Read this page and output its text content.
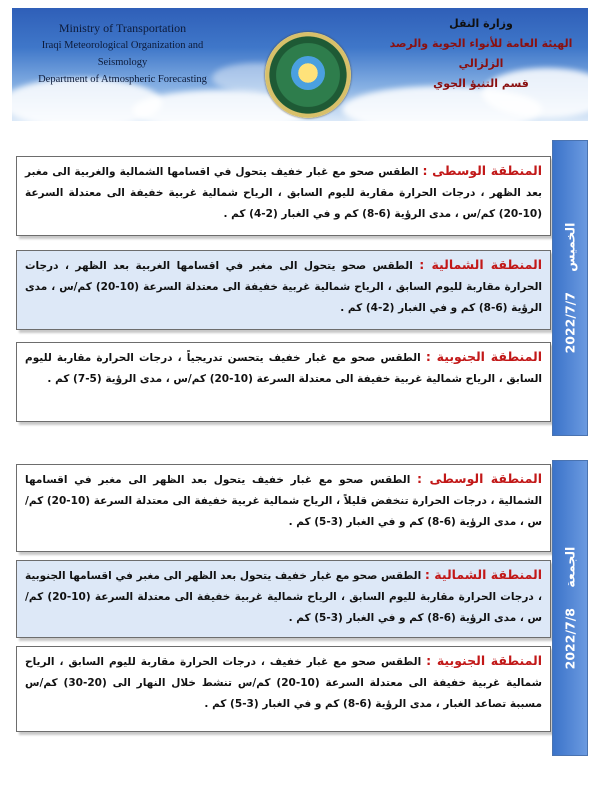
Ministry of Transportation
Iraqi Meteorological Organization and Seismology
Department of Atmospheric Forecasting
وزارة النقل
الهيئة العامة للأنواء الجوية والرصد الزلزالي
قسم التنبؤ الجوي
المنطقة الوسطى : الطقس صحو مع غبار خفيف يتحول في اقسامها الشمالية والغربية الى مغبر بعد الظهر ، درجات الحرارة مقاربة لليوم السابق ، الرياح شمالية غربية خفيفة الى معتدلة السرعة (10-20) كم/س ، مدى الرؤية (6-8) كم و في الغبار (2-4) كم .
المنطقة الشمالية : الطقس صحو يتحول الى مغبر في اقسامها الغربية بعد الظهر ، درجات الحرارة مقاربة لليوم السابق ، الرياح شمالية غربية خفيفة الى معتدلة السرعة (10-20) كم/س ، مدى الرؤية (6-8) كم و في الغبار (2-4) كم .
المنطقة الجنوبية : الطقس صحو مع غبار خفيف يتحسن تدريجياً ، درجات الحرارة مقاربة لليوم السابق ، الرياح شمالية غربية خفيفة الى معتدلة السرعة (10-20) كم/س ، مدى الرؤية (5-7) كم .
2022/7/7 الخميس
المنطقة الوسطى : الطقس صحو مع غبار خفيف يتحول بعد الظهر الى مغبر في اقسامها الشمالية ، درجات الحرارة تنخفض قليلاً ، الرياح شمالية غربية خفيفة الى معتدلة السرعة (10-20) كم/س ، مدى الرؤية (6-8) كم و في الغبار (3-5) كم .
المنطقة الشمالية : الطقس صحو مع غبار خفيف يتحول بعد الظهر الى مغبر في اقسامها الجنوبية ، درجات الحرارة مقاربة لليوم السابق ، الرياح شمالية غربية خفيفة الى معتدلة السرعة (10-20) كم/س ، مدى الرؤية (6-8) كم و في الغبار (3-5) كم .
المنطقة الجنوبية : الطقس صحو مع غبار خفيف ، درجات الحرارة مقاربة لليوم السابق ، الرياح شمالية غربية خفيفة الى معتدلة السرعة (10-20) كم/س تنشط خلال النهار الى (20-30) كم/س مسببة تصاعد الغبار ، مدى الرؤية (6-8) كم و في الغبار (3-5) كم .
2022/7/8 الجمعة
